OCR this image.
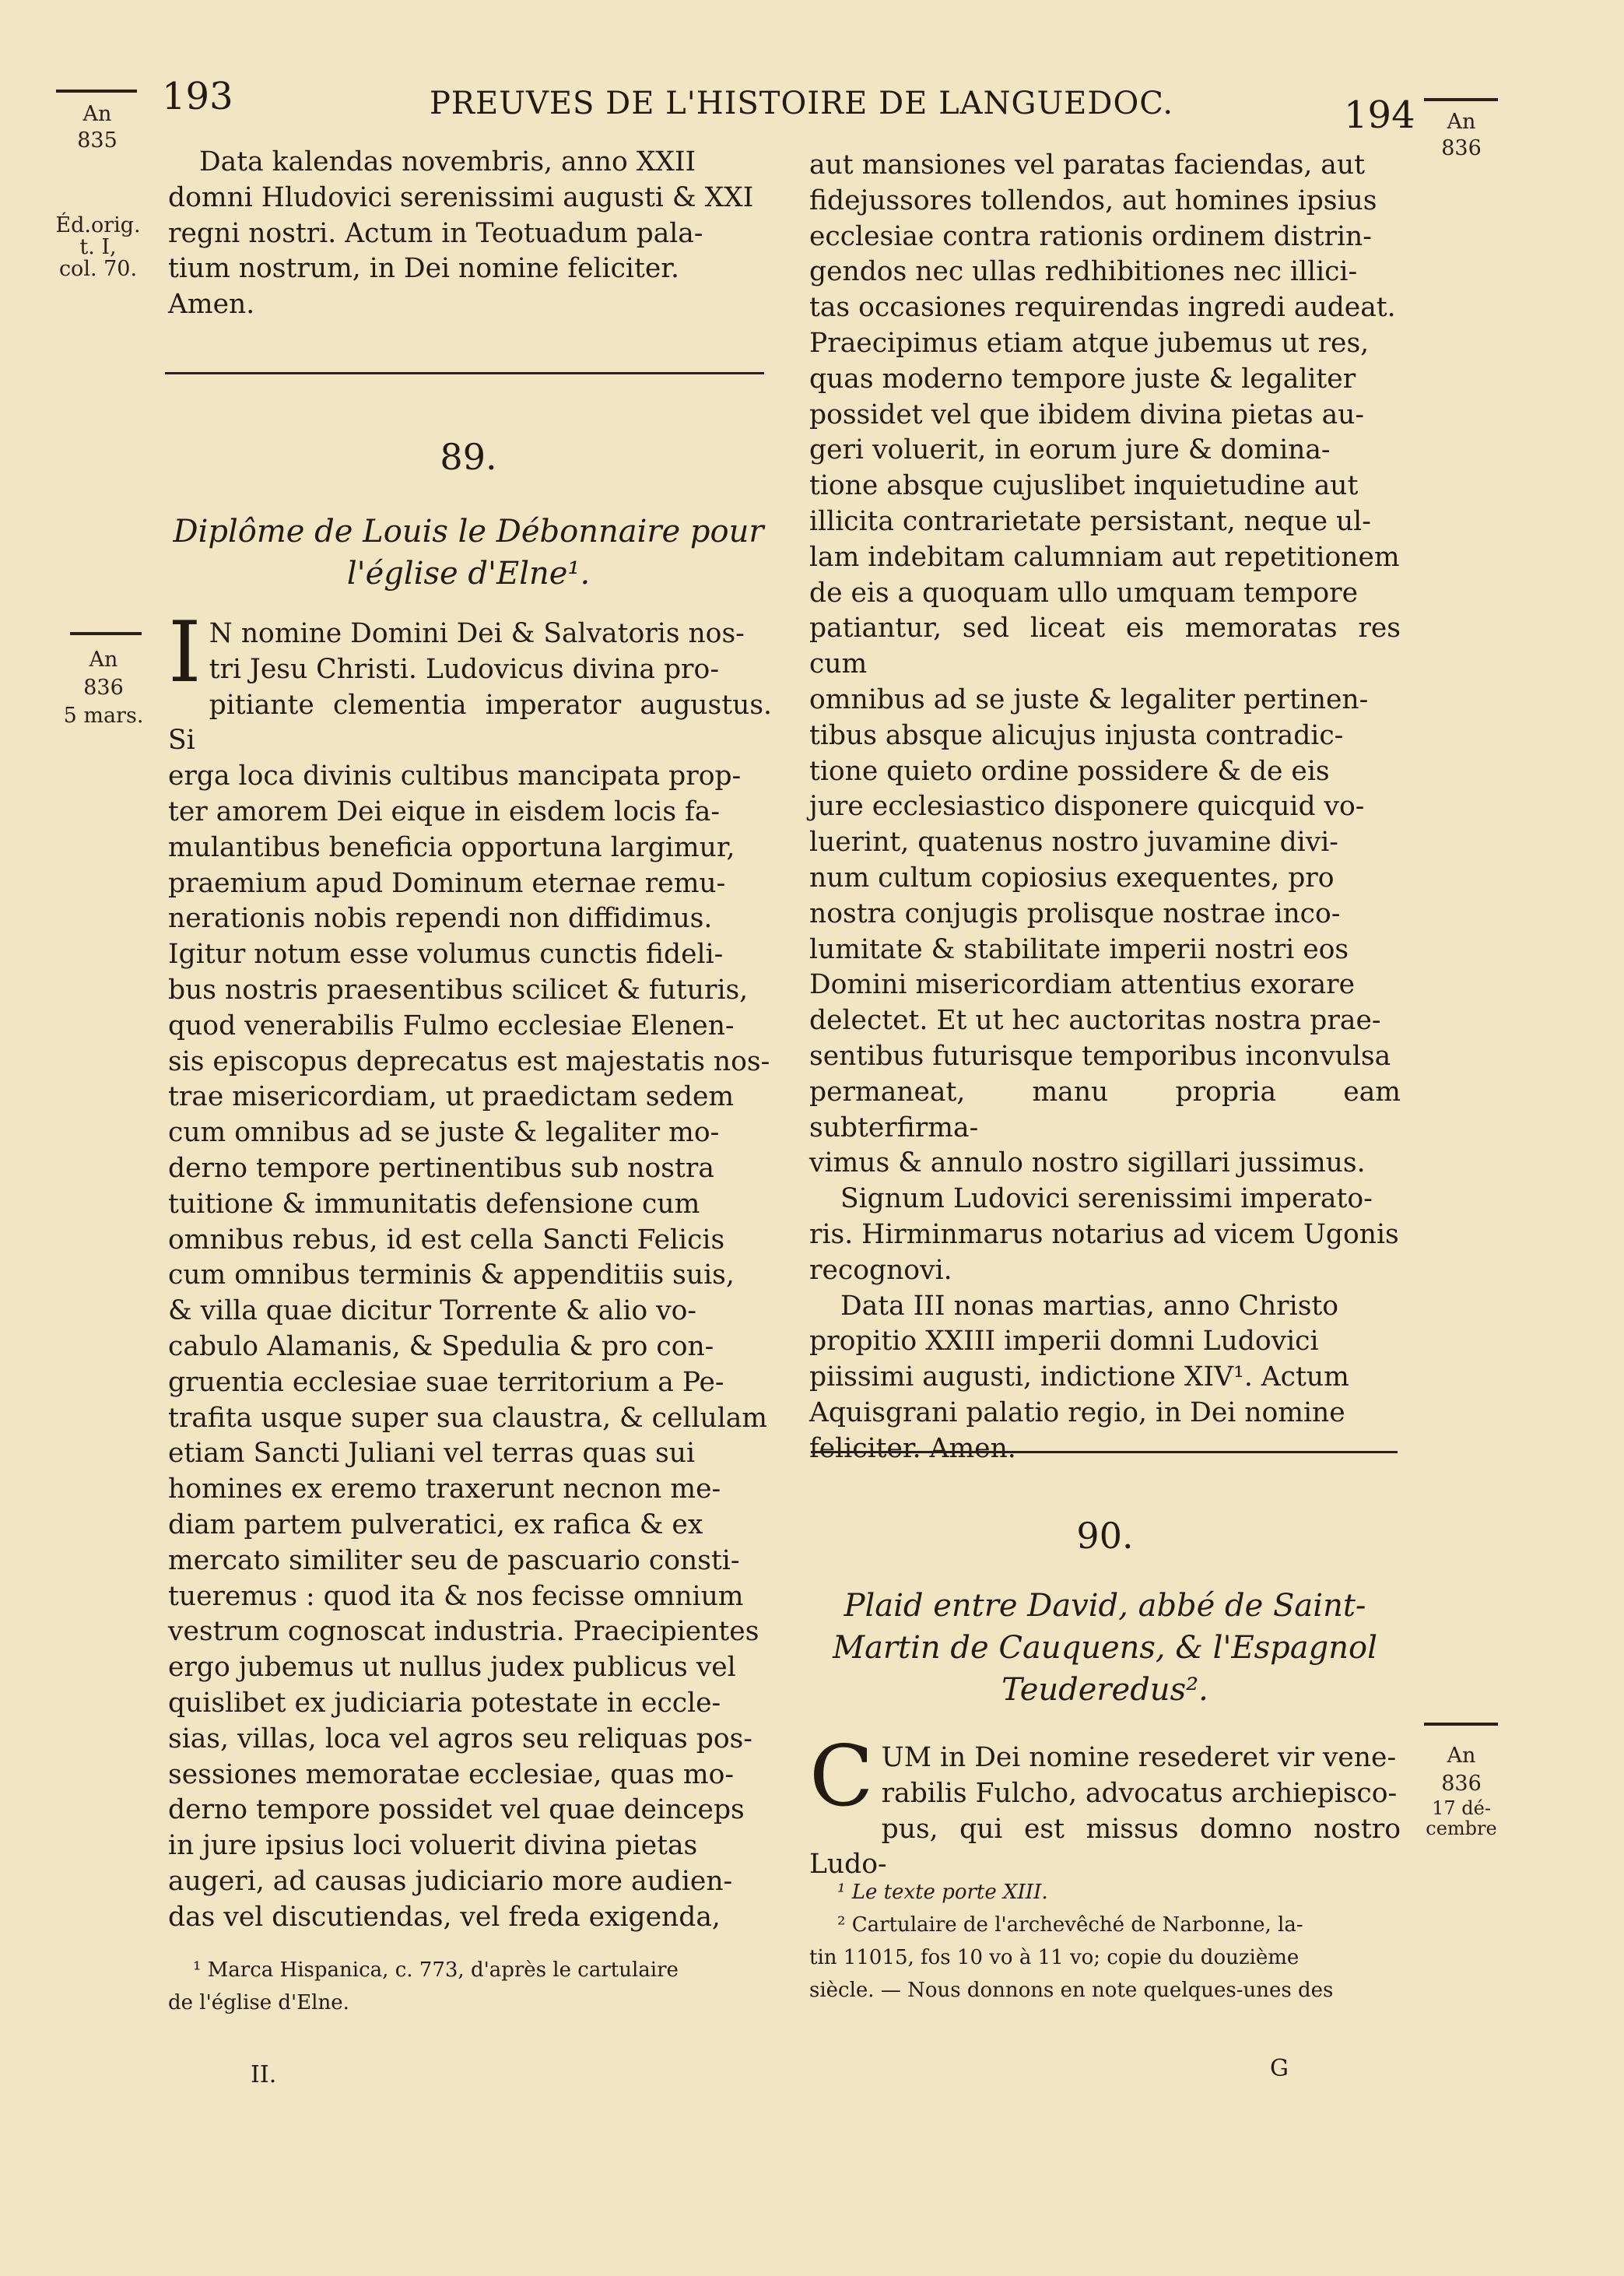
193	PREUVES DE L'HISTOIRE DE LANGUEDOC.	194
An
835
Éd.orig.
t. I,
col. 70.
An
836
5 mars.
An
836
An
836
17 dé-
cembre

Data kalendas novembris, anno XXII

domni Hludovici serenissimi augusti & XXI

regni nostri. Actum in Teotuadum pala-

tium nostrum, in Dei nomine feliciter.

Amen.

89.
Diplôme de Louis le Débonnaire pour
l'église d'Elne¹.
I N nomine Domini Dei & Salvatoris nos-

tri Jesu Christi. Ludovicus divina pro-

pitiante clementia imperator augustus. Si

erga loca divinis cultibus mancipata prop-

ter amorem Dei eique in eisdem locis fa-

mulantibus beneficia opportuna largimur,

praemium apud Dominum eternae remu-

nerationis nobis rependi non diffidimus.

Igitur notum esse volumus cunctis fideli-

bus nostris praesentibus scilicet & futuris,

quod venerabilis Fulmo ecclesiae Elenen-

sis episcopus deprecatus est majestatis nos-

trae misericordiam, ut praedictam sedem

cum omnibus ad se juste & legaliter mo-

derno tempore pertinentibus sub nostra

tuitione & immunitatis defensione cum

omnibus rebus, id est cella Sancti Felicis

cum omnibus terminis & appenditiis suis,

& villa quae dicitur Torrente & alio vo-

cabulo Alamanis, & Spedulia & pro con-

gruentia ecclesiae suae territorium a Pe-

trafita usque super sua claustra, & cellulam

etiam Sancti Juliani vel terras quas sui

homines ex eremo traxerunt necnon me-

diam partem pulveratici, ex rafica & ex

mercato similiter seu de pascuario consti-

tueremus : quod ita & nos fecisse omnium

vestrum cognoscat industria. Praecipientes

ergo jubemus ut nullus judex publicus vel

quislibet ex judiciaria potestate in eccle-

sias, villas, loca vel agros seu reliquas pos-

sessiones memoratae ecclesiae, quas mo-

derno tempore possidet vel quae deinceps

in jure ipsius loci voluerit divina pietas

augeri, ad causas judiciario more audien-

das vel discutiendas, vel freda exigenda,

¹ Marca Hispanica, c. 773, d'après le cartulaire
de l'église d'Elne.
II.

aut mansiones vel paratas faciendas, aut

fidejussores tollendos, aut homines ipsius

ecclesiae contra rationis ordinem distrin-

gendos nec ullas redhibitiones nec illici-

tas occasiones requirendas ingredi audeat.

Praecipimus etiam atque jubemus ut res,

quas moderno tempore juste & legaliter

possidet vel que ibidem divina pietas au-

geri voluerit, in eorum jure & domina-

tione absque cujuslibet inquietudine aut

illicita contrarietate persistant, neque ul-

lam indebitam calumniam aut repetitionem

de eis a quoquam ullo umquam tempore

patiantur, sed liceat eis memoratas res cum

omnibus ad se juste & legaliter pertinen-

tibus absque alicujus injusta contradic-

tione quieto ordine possidere & de eis

jure ecclesiastico disponere quicquid vo-

luerint, quatenus nostro juvamine divi-

num cultum copiosius exequentes, pro

nostra conjugis prolisque nostrae inco-

lumitate & stabilitate imperii nostri eos

Domini misericordiam attentius exorare

delectet. Et ut hec auctoritas nostra prae-

sentibus futurisque temporibus inconvulsa

permaneat, manu propria eam subterfirma-

vimus & annulo nostro sigillari jussimus.

Signum Ludovici serenissimi imperato-

ris. Hirminmarus notarius ad vicem Ugonis

recognovi.

Data III nonas martias, anno Christo

propitio XXIII imperii domni Ludovici

piissimi augusti, indictione XIV¹. Actum

Aquisgrani palatio regio, in Dei nomine

feliciter. Amen.

90.
Plaid entre David, abbé de Saint-
Martin de Cauquens, & l'Espagnol
Teuderedus².
C UM in Dei nomine resederet vir vene-

rabilis Fulcho, advocatus archiepisco-

pus, qui est missus domno nostro Ludo-

¹ Le texte porte XIII.
² Cartulaire de l'archevêché de Narbonne, la-
tin 11015, fos 10 vo à 11 vo; copie du douzième
siècle. — Nous donnons en note quelques-unes des
G
